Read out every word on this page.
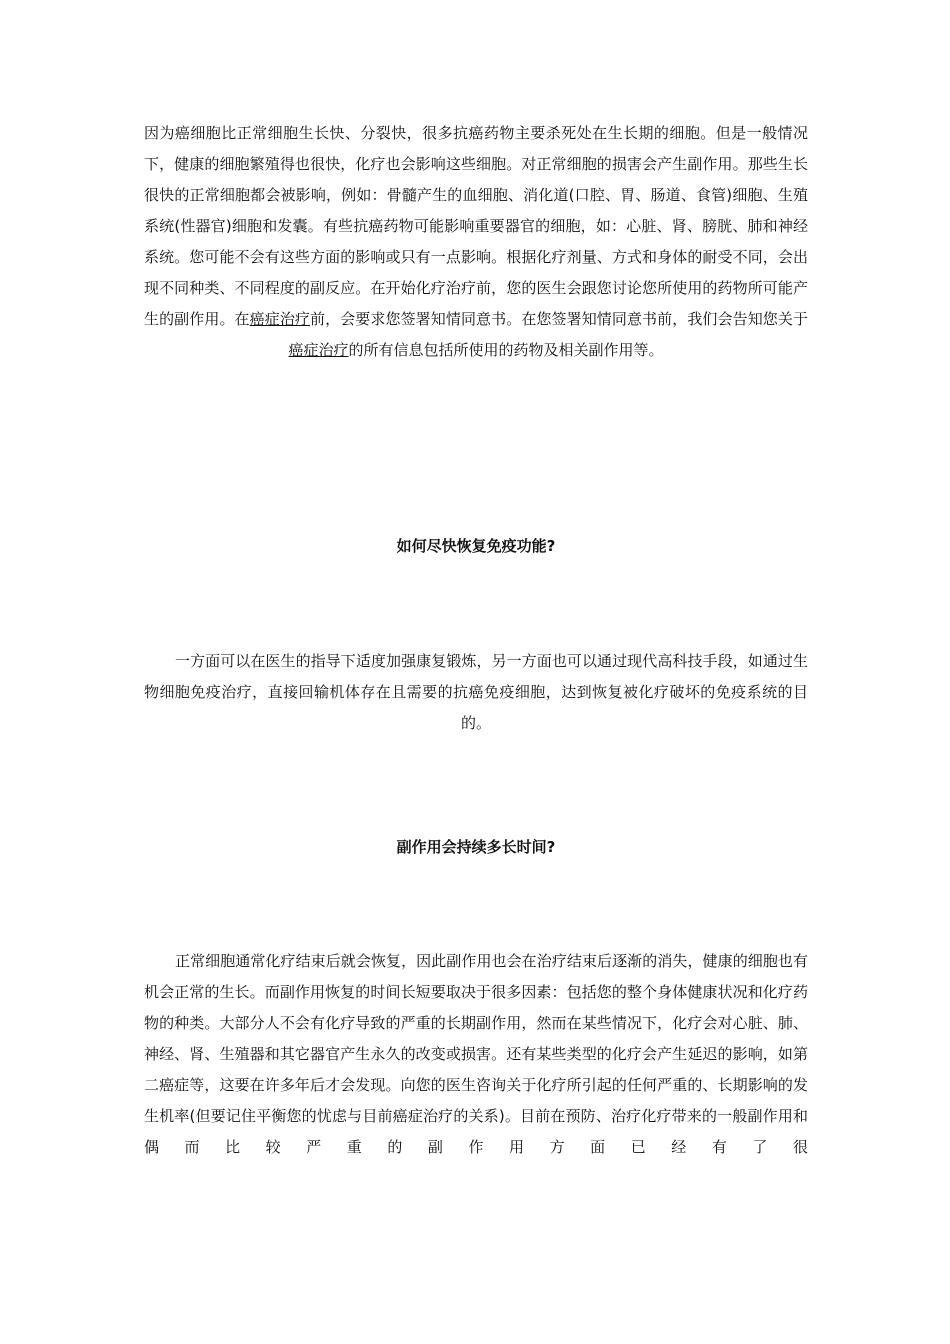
因为癌细胞比正常细胞生长快、分裂快，很多抗癌药物主要杀死处在生长期的细胞。但是一般情况下，健康的细胞繁殖得也很快，化疗也会影响这些细胞。对正常细胞的损害会产生副作用。那些生长很快的正常细胞都会被影响，例如：骨髓产生的血细胞、消化道(口腔、胃、肠道、食管)细胞、生殖系统(性器官)细胞和发囊。有些抗癌药物可能影响重要器官的细胞，如：心脏、肾、膀胱、肺和神经系统。您可能不会有这些方面的影响或只有一点影响。根据化疗剂量、方式和身体的耐受不同，会出现不同种类、不同程度的副反应。在开始化疗治疗前，您的医生会跟您讨论您所使用的药物所可能产生的副作用。在癌症治疗前，会要求您签署知情同意书。在您签署知情同意书前，我们会告知您关于癌症治疗的所有信息包括所使用的药物及相关副作用等。

如何尽快恢复免疫功能?

一方面可以在医生的指导下适度加强康复锻炼，另一方面也可以通过现代高科技手段，如通过生物细胞免疫治疗，直接回输机体存在且需要的抗癌免疫细胞，达到恢复被化疗破坏的免疫系统的目的。

副作用会持续多长时间?

正常细胞通常化疗结束后就会恢复，因此副作用也会在治疗结束后逐渐的消失，健康的细胞也有机会正常的生长。而副作用恢复的时间长短要取决于很多因素：包括您的整个身体健康状况和化疗药物的种类。大部分人不会有化疗导致的严重的长期副作用，然而在某些情况下，化疗会对心脏、肺、神经、肾、生殖器和其它器官产生永久的改变或损害。还有某些类型的化疗会产生延迟的影响，如第二癌症等，这要在许多年后才会发现。向您的医生咨询关于化疗所引起的任何严重的、长期影响的发生机率(但要记住平衡您的忧虑与目前癌症治疗的关系)。目前在预防、治疗化疗带来的一般副作用和偶而比较严重的副作用方面已经有了很
